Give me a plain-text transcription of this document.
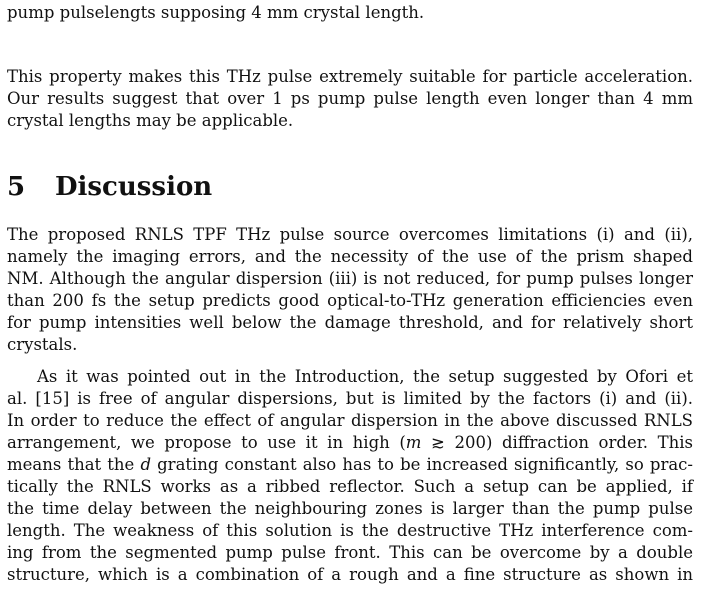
pump pulselengts supposing 4 mm crystal length.
This property makes this THz pulse extremely suitable for particle acceleration.
Our results suggest that over 1 ps pump pulse length even longer than 4 mm
crystal lengths may be applicable.
5 Discussion
The proposed RNLS TPF THz pulse source overcomes limitations (i) and (ii),
namely the imaging errors, and the necessity of the use of the prism shaped
NM. Although the angular dispersion (iii) is not reduced, for pump pulses longer
than 200 fs the setup predicts good optical-to-THz generation efficiencies even
for pump intensities well below the damage threshold, and for relatively short
crystals.
As it was pointed out in the Introduction, the setup suggested by Ofori et
al. [15] is free of angular dispersions, but is limited by the factors (i) and (ii).
In order to reduce the effect of angular dispersion in the above discussed RNLS
arrangement, we propose to use it in high (m ≳ 200) diffraction order. This
means that the d grating constant also has to be increased significantly, so prac-
tically the RNLS works as a ribbed reflector. Such a setup can be applied, if
the time delay between the neighbouring zones is larger than the pump pulse
length. The weakness of this solution is the destructive THz interference com-
ing from the segmented pump pulse front. This can be overcome by a double
structure, which is a combination of a rough and a fine structure as shown in
